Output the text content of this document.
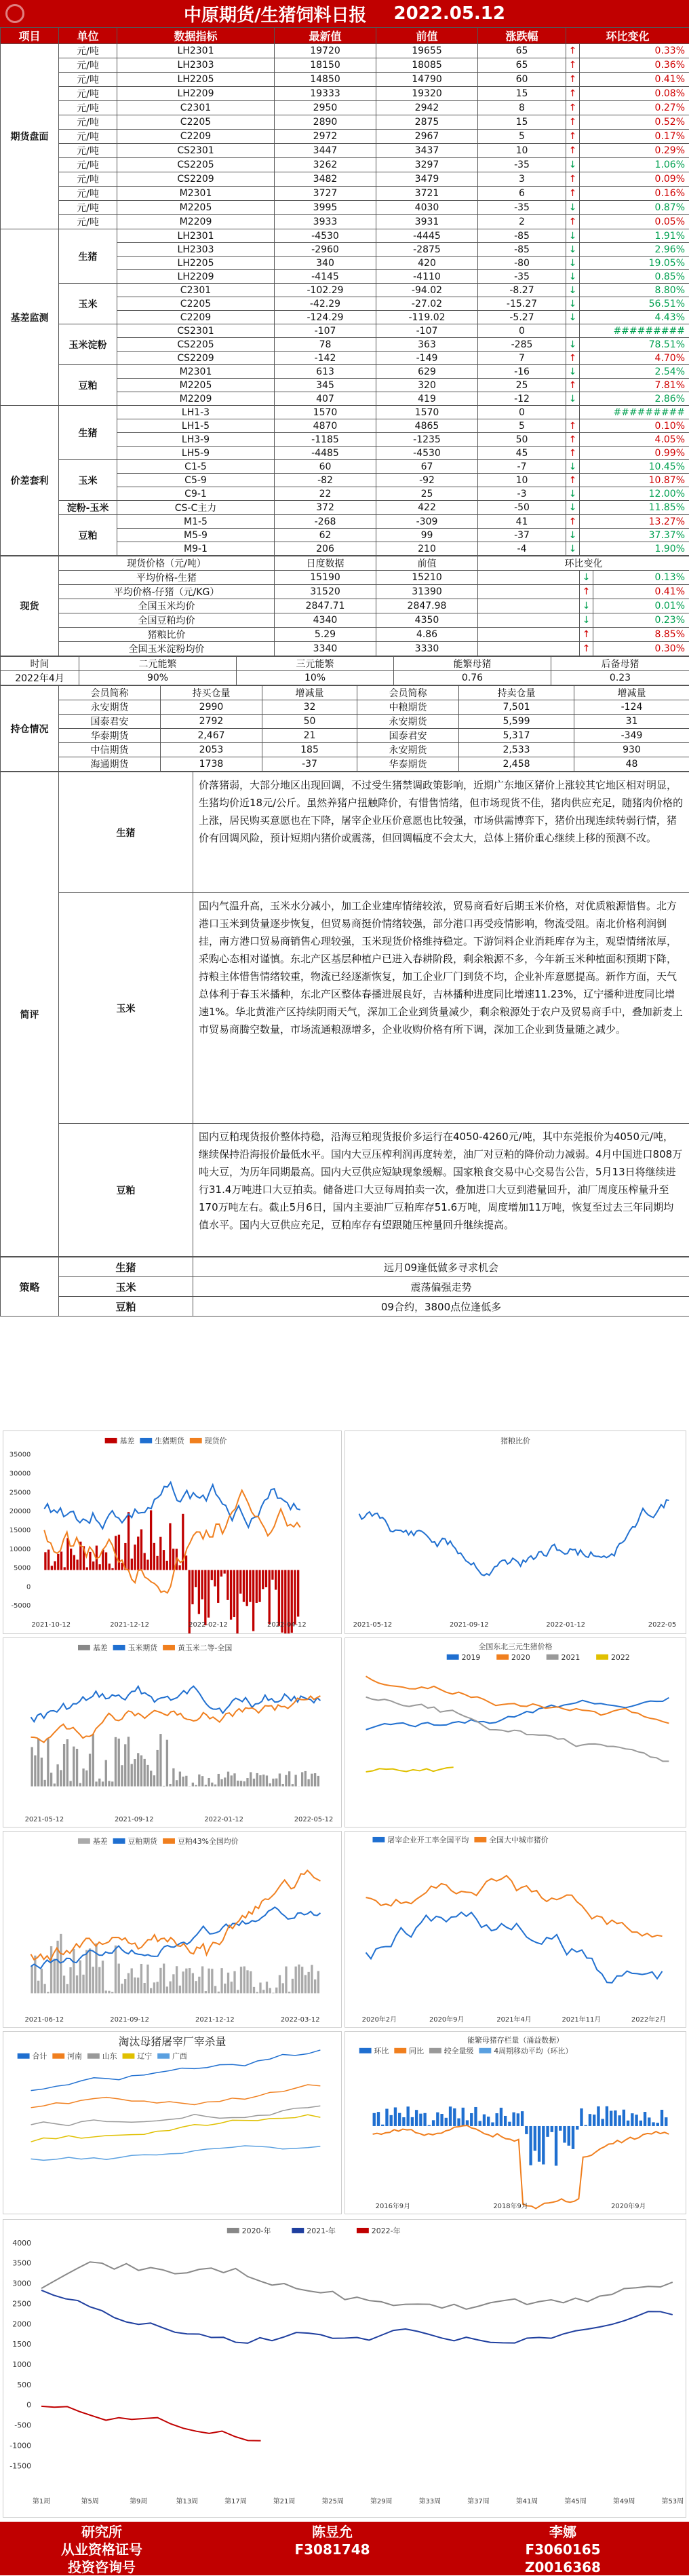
中原期货/生猪饲料日报 2022.05.12
项目	单位	数据指标	最新值	前值	涨跌幅	环比变化	
期货盘面	元/吨	LH2301	19720	19655	65	↑	0.33%
	元/吨	LH2303	18150	18085	65	↑	0.36%
	元/吨	LH2205	14850	14790	60	↑	0.41%
	元/吨	LH2209	19333	19320	15	↑	0.08%
	元/吨	C2301	2950	2942	8	↑	0.27%
	元/吨	C2205	2890	2875	15	↑	0.52%
	元/吨	C2209	2972	2967	5	↑	0.17%
	元/吨	CS2301	3447	3437	10	↑	0.29%
	元/吨	CS2205	3262	3297	-35	↓	1.06%
	元/吨	CS2209	3482	3479	3	↑	0.09%
	元/吨	M2301	3727	3721	6	↑	0.16%
	元/吨	M2205	3995	4030	-35	↓	0.87%
	元/吨	M2209	3933	3931	2	↑	0.05%
基差监测	生猪	LH2301	-4530	-4445	-85	↓	1.91%
		LH2303	-2960	-2875	-85	↓	2.96%
		LH2205	340	420	-80	↓	19.05%
		LH2209	-4145	-4110	-35	↓	0.85%
	玉米	C2301	-102.29	-94.02	-8.27	↓	8.80%
		C2205	-42.29	-27.02	-15.27	↓	56.51%
		C2209	-124.29	-119.02	-5.27	↓	4.43%
	玉米淀粉	CS2301	-107	-107	0		#########
		CS2205	78	363	-285	↓	78.51%
		CS2209	-142	-149	7	↑	4.70%
	豆粕	M2301	613	629	-16	↓	2.54%
		M2205	345	320	25	↑	7.81%
		M2209	407	419	-12	↓	2.86%
价差套利	生猪	LH1-3	1570	1570	0		#########
		LH1-5	4870	4865	5	↑	0.10%
		LH3-9	-1185	-1235	50	↑	4.05%
		LH5-9	-4485	-4530	45	↑	0.99%
	玉米	C1-5	60	67	-7	↓	10.45%
		C5-9	-82	-92	10	↑	10.87%
		C9-1	22	25	-3	↓	12.00%
	淀粉-玉米	CS-C主力	372	422	-50	↓	11.85%
	豆粕	M1-5	-268	-309	41	↑	13.27%
		M5-9	62	99	-37	↓	37.37%
		M9-1	206	210	-4	↓	1.90%
现货	现货价格（元/吨）	日度数据	前值	环比变化		
	平均价格-生猪	15190	15210		↓	0.13%
	平均价格-仔猪（元/KG）	31520	31390		↑	0.41%
	全国玉米均价	2847.71	2847.98		↓	0.01%
	全国豆粕均价	4340	4350		↓	0.23%
	猪粮比价	5.29	4.86		↑	8.85%
	全国玉米淀粉均价	3340	3330		↑	0.30%
时间	二元能繁	三元能繁	能繁母猪	后备母猪
2022年4月	90%	10%	0.76	0.23
持仓情况	会员简称	持买仓量	增减量	会员简称	持卖仓量	增减量
	永安期货	2990	32	中粮期货	7,501	-124
	国泰君安	2792	50	永安期货	5,599	31
	华泰期货	2,467	21	国泰君安	5,317	-349
	中信期货	2053	185	永安期货	2,533	930
	海通期货	1738	-37	华泰期货	2,458	48
简评	生猪	价落猪弱，大部分地区出现回调，不过受生猪禁调政策影响，近期广东地区猪价上涨较其它地区相对明显，生猪均价近18元/公斤。虽然养猪户扭触降价，有惜售情绪，但市场现货不佳，猪肉供应充足，随猪肉价格的上涨，居民购买意愿也在下降，屠宰企业压价意愿也比较强，市场供需博弈下，猪价出现连续转弱行情，猪价有回调风险，预计短期内猪价或震荡，但回调幅度不会太大，总体上猪价重心继续上移的预测不改。
	玉米	国内气温升高，玉米水分减小，加工企业建库情绪较浓，贸易商看好后期玉米价格，对优质粮源惜售。北方港口玉米到货量逐步恢复，但贸易商挺价情绪较强，部分港口再受疫情影响，物流受阻。南北价格利润倒挂，南方港口贸易商销售心理较强，玉米现货价格维持稳定。下游饲料企业消耗库存为主，观望情绪浓厚，采购心态相对谨慎。东北产区基层种植户已进入春耕阶段，剩余粮源不多，今年新玉米种植面积预期下降，持粮主体惜售情绪较重，物流已经逐渐恢复，加工企业厂门到货不均，企业补库意愿提高。新作方面，天气总体利于春玉米播种，东北产区整体春播进展良好，吉林播种进度同比增速11.23%，辽宁播种进度同比增速1%。华北黄淮产区持续阴雨天气，深加工企业到货量减少，剩余粮源处于农户及贸易商手中，叠加新麦上市贸易商腾空数量，市场流通粮源增多，企业收购价格有所下调，深加工企业到货量随之减少。
	豆粕	国内豆粕现货报价整体持稳，沿海豆粕现货报价多运行在4050-4260元/吨，其中东莞报价为4050元/吨，继续保持沿海报价最低水平。国内大豆压榨利润再度转差，油厂对豆粕的降价动力减弱。4月中国进口808万吨大豆，为历年同期最高。国内大豆供应短缺现象缓解。国家粮食交易中心交易告公告，5月13日将继续进行31.4万吨进口大豆拍卖。储备进口大豆每周拍卖一次，叠加进口大豆到港量回升，油厂周度压榨量升至170万吨左右。截止5月6日，国内主要油厂豆粕库存51.6万吨，周度增加11万吨，恢复至过去三年同期均值水平。国内大豆供应充足，豆粕库存有望跟随压榨量回升继续提高。
策略	生猪	远月09逢低做多寻求机会
	玉米	震荡偏强走势
	豆粕	09合约，3800点位逢低多
基差	生猪期货	现货价
35000
30000
25000
20000
15000
10000
5000
0
-5000
2021-10-12	2021-12-12	2022-02-12	2022-04-12
猪粮比价
2021-05-12	2021-09-12	2022-01-12	2022-05
基差	玉米期货	黄玉米二等-全国
2021-05-12	2021-09-12	2022-01-12	2022-05-12
全国东北三元生猪价格
2019	2020	2021	2022
基差	豆粕期货	豆粕43%全国均价
2021-06-12	2021-09-12	2021-12-12	2022-03-12
屠宰企业开工率全国平均	全国大中城市猪价
2020年2月	2020年9月	2021年4月	2021年11月	2022年2月
淘汰母猪屠宰厂宰杀量
合计	河南	山东	辽宁	广西
能繁母猪存栏量（涌益数据）
环比	同比	较全量级	4周期移动平均（环比）
2016年9月	2018年9月	2020年9月
2020-年	2021-年	2022-年
4000
3500
3000
2500
2000
1500
1000
500
0
-500
-1000
-1500
第1周	第5周	第9周	第13周	第17周	第21周	第25周	第29周	第33周	第37周	第41周	第45周	第49周	第53周
研究所
从业资格证号
投资咨询号
陈昱允
F3081748
李娜
F3060165
Z0016368
